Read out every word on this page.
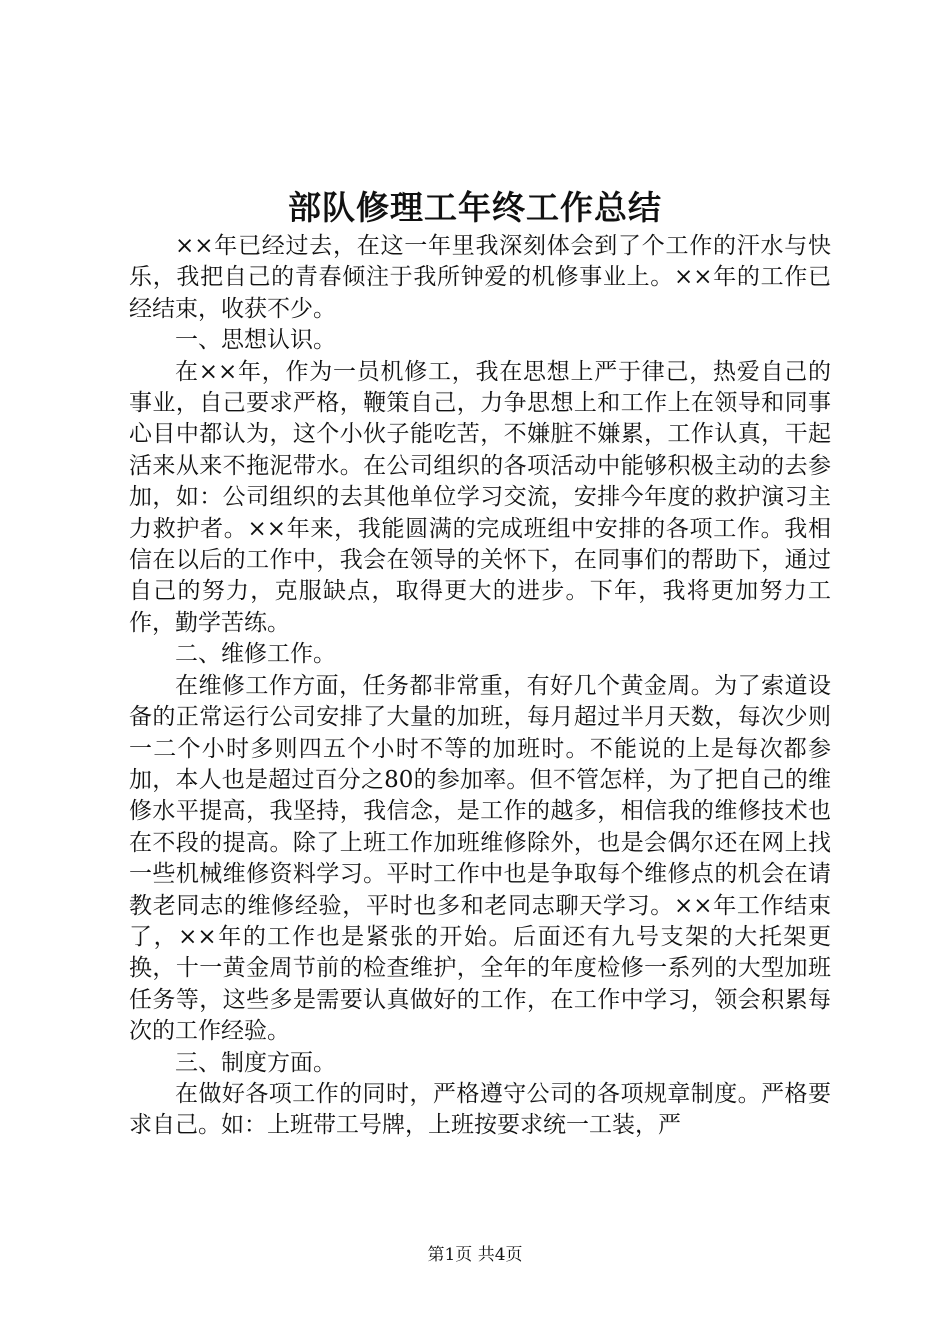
部队修理工年终工作总结

××年已经过去，在这一年里我深刻体会到了个工作的汗水与快乐，我把自己的青春倾注于我所钟爱的机修事业上。××年的工作已经结束，收获不少。

一、思想认识。

在××年，作为一员机修工，我在思想上严于律己，热爱自己的事业，自己要求严格，鞭策自己，力争思想上和工作上在领导和同事心目中都认为，这个小伙子能吃苦，不嫌脏不嫌累，工作认真，干起活来从来不拖泥带水。在公司组织的各项活动中能够积极主动的去参加，如：公司组织的去其他单位学习交流，安排今年度的救护演习主力救护者。××年来，我能圆满的完成班组中安排的各项工作。我相信在以后的工作中，我会在领导的关怀下，在同事们的帮助下，通过自己的努力，克服缺点，取得更大的进步。下年，我将更加努力工作，勤学苦练。

二、维修工作。

在维修工作方面，任务都非常重，有好几个黄金周。为了索道设备的正常运行公司安排了大量的加班，每月超过半月天数，每次少则一二个小时多则四五个小时不等的加班时。不能说的上是每次都参加，本人也是超过百分之80的参加率。但不管怎样，为了把自己的维修水平提高，我坚持，我信念，是工作的越多，相信我的维修技术也在不段的提高。除了上班工作加班维修除外，也是会偶尔还在网上找一些机械维修资料学习。平时工作中也是争取每个维修点的机会在请教老同志的维修经验，平时也多和老同志聊天学习。××年工作结束了，××年的工作也是紧张的开始。后面还有九号支架的大托架更换，十一黄金周节前的检查维护，全年的年度检修一系列的大型加班任务等，这些多是需要认真做好的工作，在工作中学习，领会积累每次的工作经验。

三、制度方面。

在做好各项工作的同时，严格遵守公司的各项规章制度。严格要求自己。如：上班带工号牌，上班按要求统一工装，严

第1页 共4页
